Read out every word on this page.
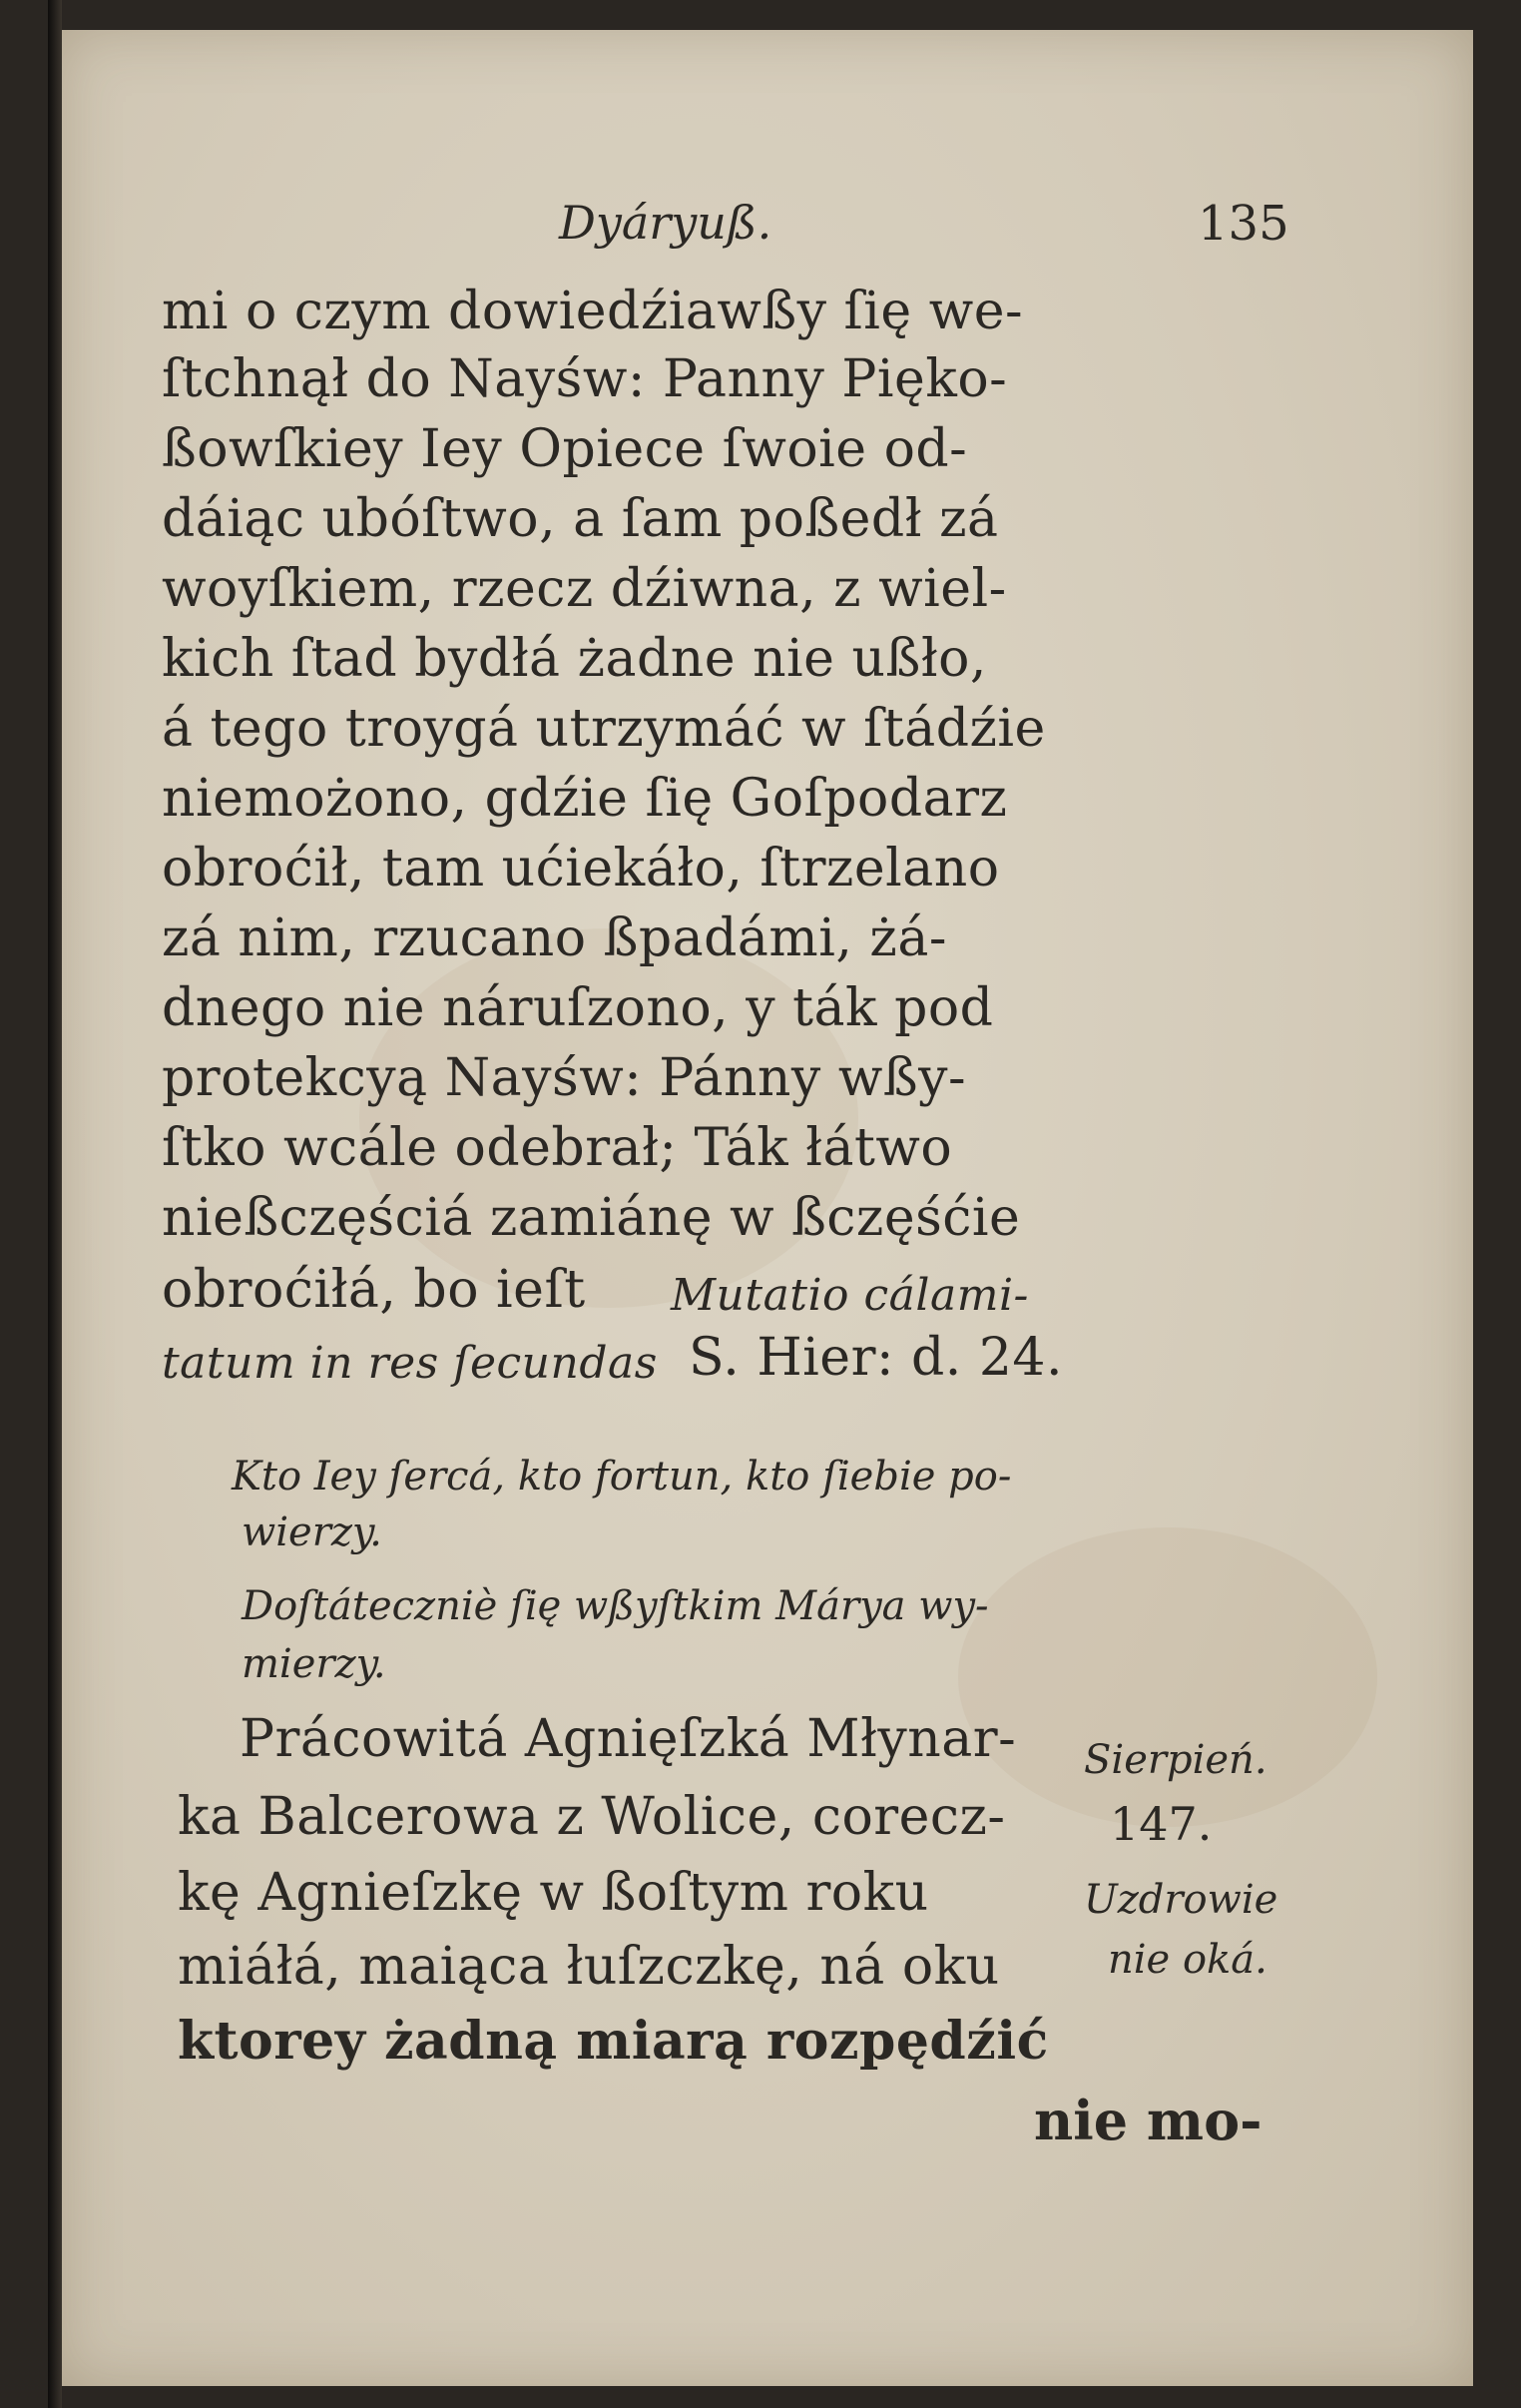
Dyáryuß.	135
mi o czym dowiedźiawßy ſię we-
ſtchnął do Nayśw: Panny Pięko-
ßowſkiey Iey Opiece ſwoie od-
dáiąc ubóſtwo, a ſam poßedł zá
woyſkiem, rzecz dźiwna, z wiel-
kich ſtad bydłá żadne nie ußło,
á tego troygá utrzymáć w ſtádźie
niemożono, gdźie ſię Goſpodarz
obroćił, tam ućiekáło, ſtrzelano
zá nim, rzucano ßpadámi, żá-
dnego nie náruſzono, y ták pod
protekcyą Nayśw: Pánny wßy-
ſtko wcále odebrał; Ták łátwo
nießczęściá zamiánę w ßczęśćie
obroćiłá, bo ieſt Mutatio cálami-
tatum in res ſecundas S. Hier: d. 24.
Kto Iey ſercá, kto fortun, kto ſiebie po-
wierzy.
Doſtáteczniè ſię wßyſtkim Márya wy-
mierzy.
Prácowitá Agnięſzká Młynar-
ka Balcerowa z Wolice, corecz-
kę Agnieſzkę w ßoſtym roku
miáłá, maiąca łuſzczkę, ná oku
ktorey żadną miarą rozpędźić
nie mo-
Sierpień.
147.
Uzdrowie
nie oká.
